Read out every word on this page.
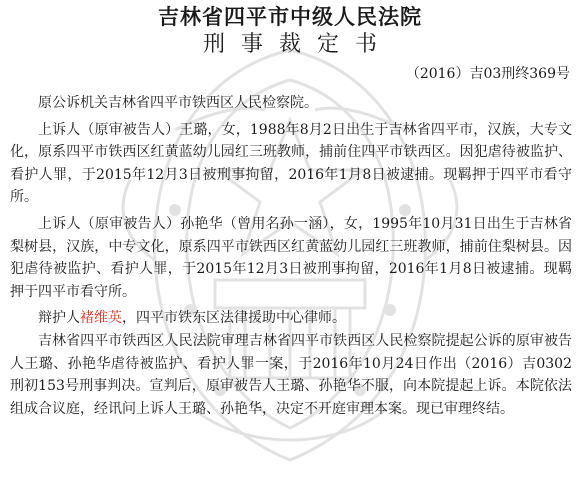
吉林省四平市中级人民法院
刑事裁定书
（2016）吉03刑终369号

原公诉机关吉林省四平市铁西区人民检察院。

上诉人（原审被告人）王璐，女，1988年8月2日出生于吉林省四平市，汉族，大专文化，原系四平市铁西区红黄蓝幼儿园红三班教师，捕前住四平市铁西区。因犯虐待被监护、看护人罪，于2015年12月3日被刑事拘留，2016年1月8日被逮捕。现羁押于四平市看守所。

上诉人（原审被告人）孙艳华（曾用名孙一涵），女，1995年10月31日出生于吉林省梨树县，汉族，中专文化，原系四平市铁西区红黄蓝幼儿园红三班教师，捕前住梨树县。因犯虐待被监护、看护人罪，于2015年12月3日被刑事拘留，2016年1月8日被逮捕。现羁押于四平市看守所。

辩护人褚维英，四平市铁东区法律援助中心律师。

吉林省四平市铁西区人民法院审理吉林省四平市铁西区人民检察院提起公诉的原审被告人王璐、孙艳华虐待被监护、看护人罪一案，于2016年10月24日作出（2016）吉0302刑初153号刑事判决。宣判后，原审被告人王璐、孙艳华不服，向本院提起上诉。本院依法组成合议庭，经讯问上诉人王璐、孙艳华，决定不开庭审理本案。现已审理终结。
